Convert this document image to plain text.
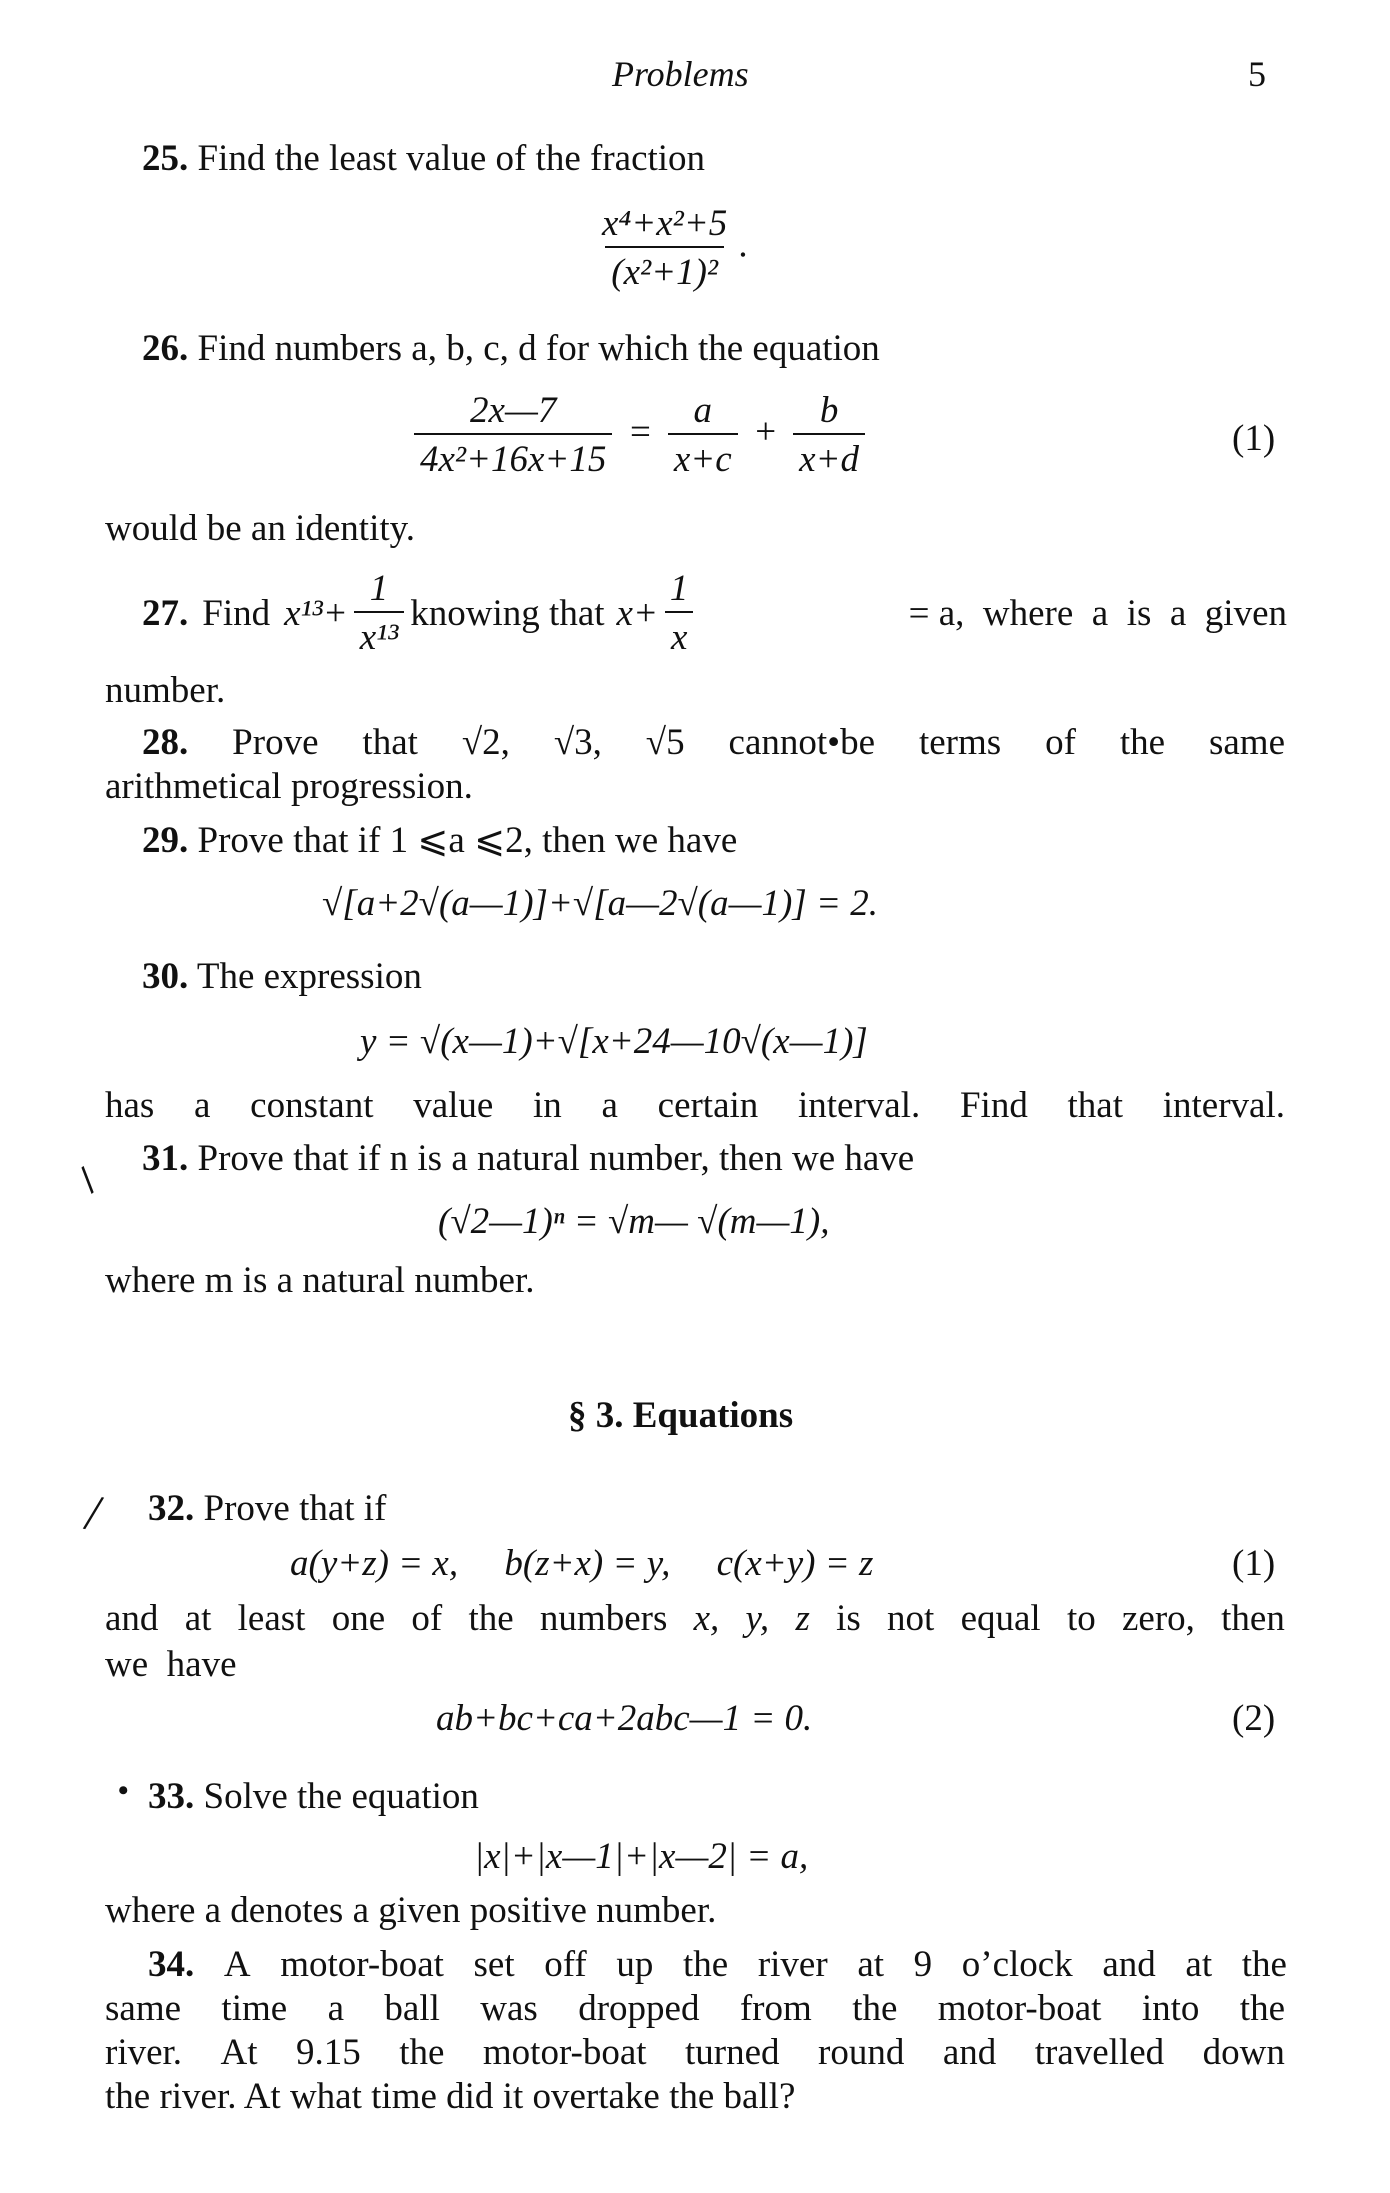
Problems	5
25. Find the least value of the fraction
$\frac{\text{x⁴+x²+5}}{\text{(x²+1)²}}$ .
26. Find numbers a, b, c, d for which the equation
$\frac{2x—7}{\text{4x²+16x+15}} = \frac{a}{x+c} + \frac{b}{x+d}$	(1)
would be an identity.
27. Find $x^{13}+ \frac{1}{\text{x¹³}}$ knowing that $x+ \frac{1}{x}$	= a,  where  a  is  a  given
number.
28. Prove that √2, √3, √5 cannot•be terms of the same
arithmetical progression.
29. Prove that if 1 ⩽a ⩽2, then we have
√[a+2√(a—1)]+√[a—2√(a—1)] = 2.
30. The expression
y = √(x—1)+√[x+24—10√(x—1)]
has a constant value in a certain interval. Find that interval.
/
31. Prove that if n is a natural number, then we have
(√2—1)ⁿ = √m— √(m—1),
where m is a natural number.
§ 3. Equations
/ 32. Prove that if
a(y+z) = x,     b(z+x) = y,     c(x+y) = z	(1)
and at least one of the numbers x, y, z is not equal to zero, then
we  have
ab+bc+ca+2abc—1 = 0.	(2)
• 33. Solve the equation
|x|+|x—1|+|x—2| = a,
where a denotes a given positive number.
34. A motor-boat set off up the river at 9 o’clock and at the
same time a ball was dropped from the motor-boat into the
river. At 9.15 the motor-boat turned round and travelled down
the river. At what time did it overtake the ball?
